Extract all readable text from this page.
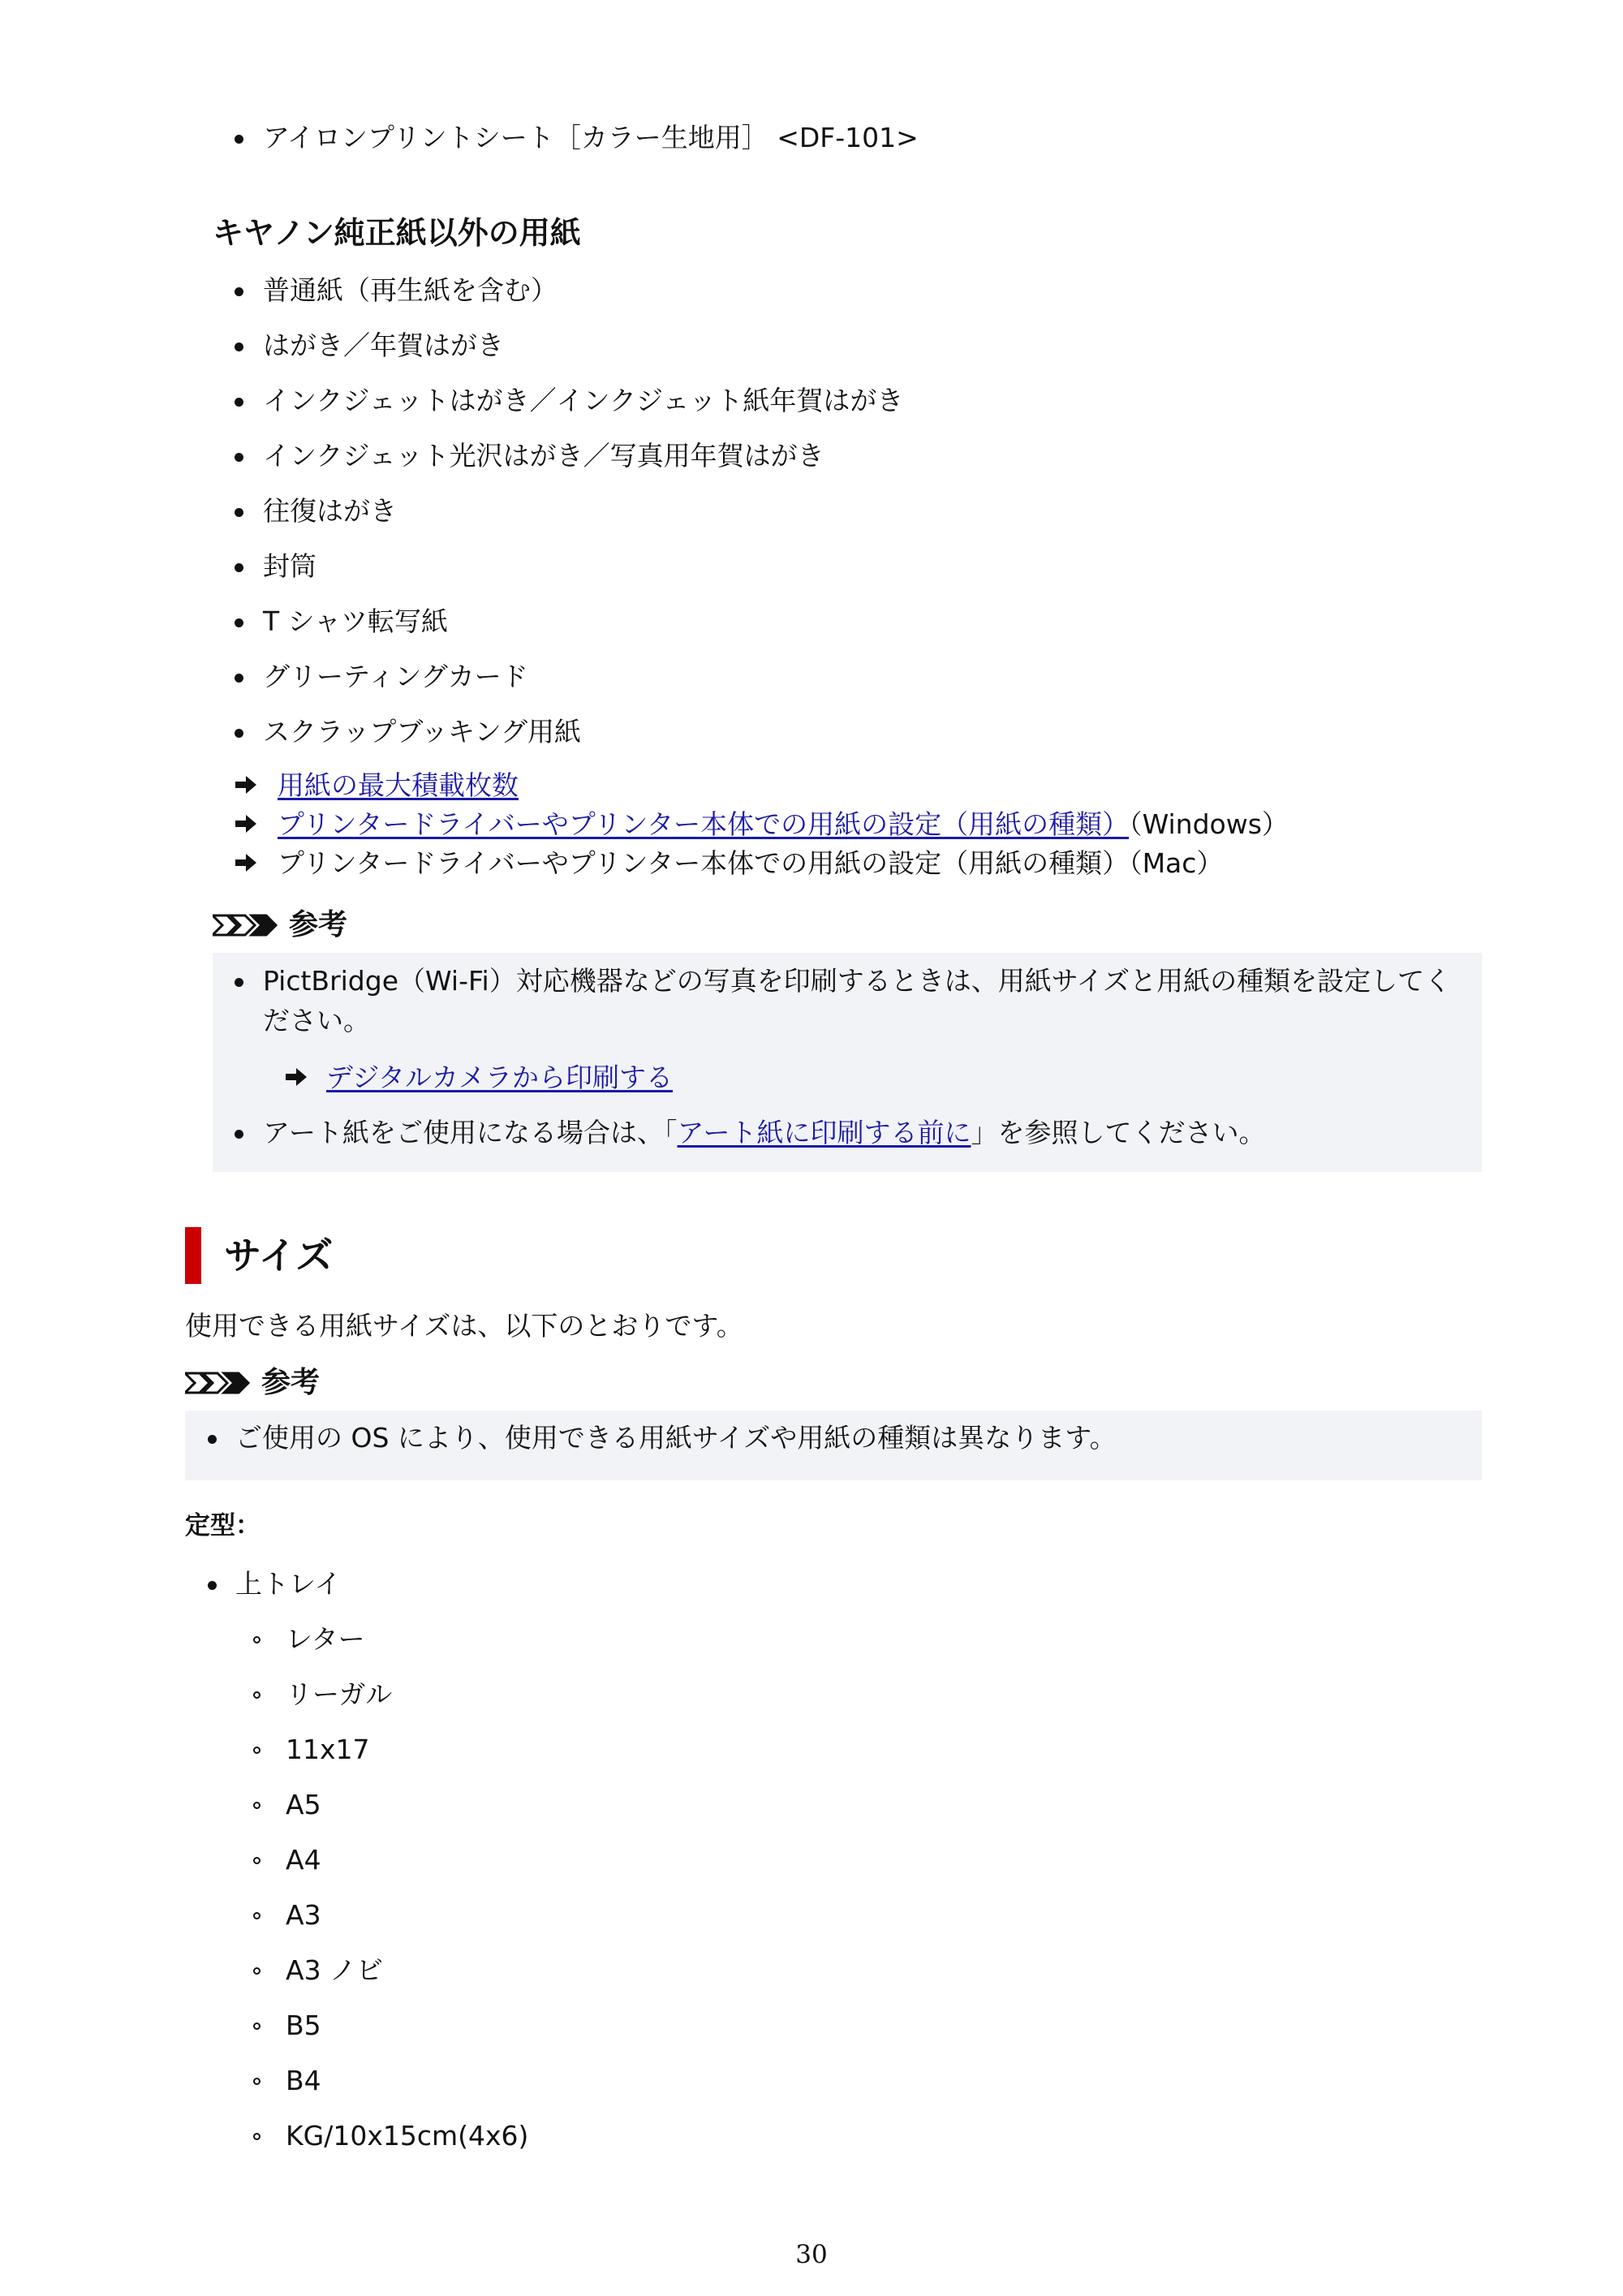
アイロンプリントシート［カラー生地用］ <DF-101>
キヤノン純正紙以外の用紙
普通紙（再生紙を含む）
はがき／年賀はがき
インクジェットはがき／インクジェット紙年賀はがき
インクジェット光沢はがき／写真用年賀はがき
往復はがき
封筒
T シャツ転写紙
グリーティングカード
スクラップブッキング用紙
用紙の最大積載枚数
プリンタードライバーやプリンター本体での用紙の設定（用紙の種類）（Windows）
プリンタードライバーやプリンター本体での用紙の設定（用紙の種類）（Mac）
参考
PictBridge（Wi-Fi）対応機器などの写真を印刷するときは、用紙サイズと用紙の種類を設定してく
ださい。
デジタルカメラから印刷する
アート紙をご使用になる場合は、「アート紙に印刷する前に」を参照してください。
サイズ
使用できる用紙サイズは、以下のとおりです。
参考
ご使用の OS により、使用できる用紙サイズや用紙の種類は異なります。
定型：
上トレイ
レター
リーガル
11x17
A5
A4
A3
A3 ノビ
B5
B4
KG/10x15cm(4x6)
30
